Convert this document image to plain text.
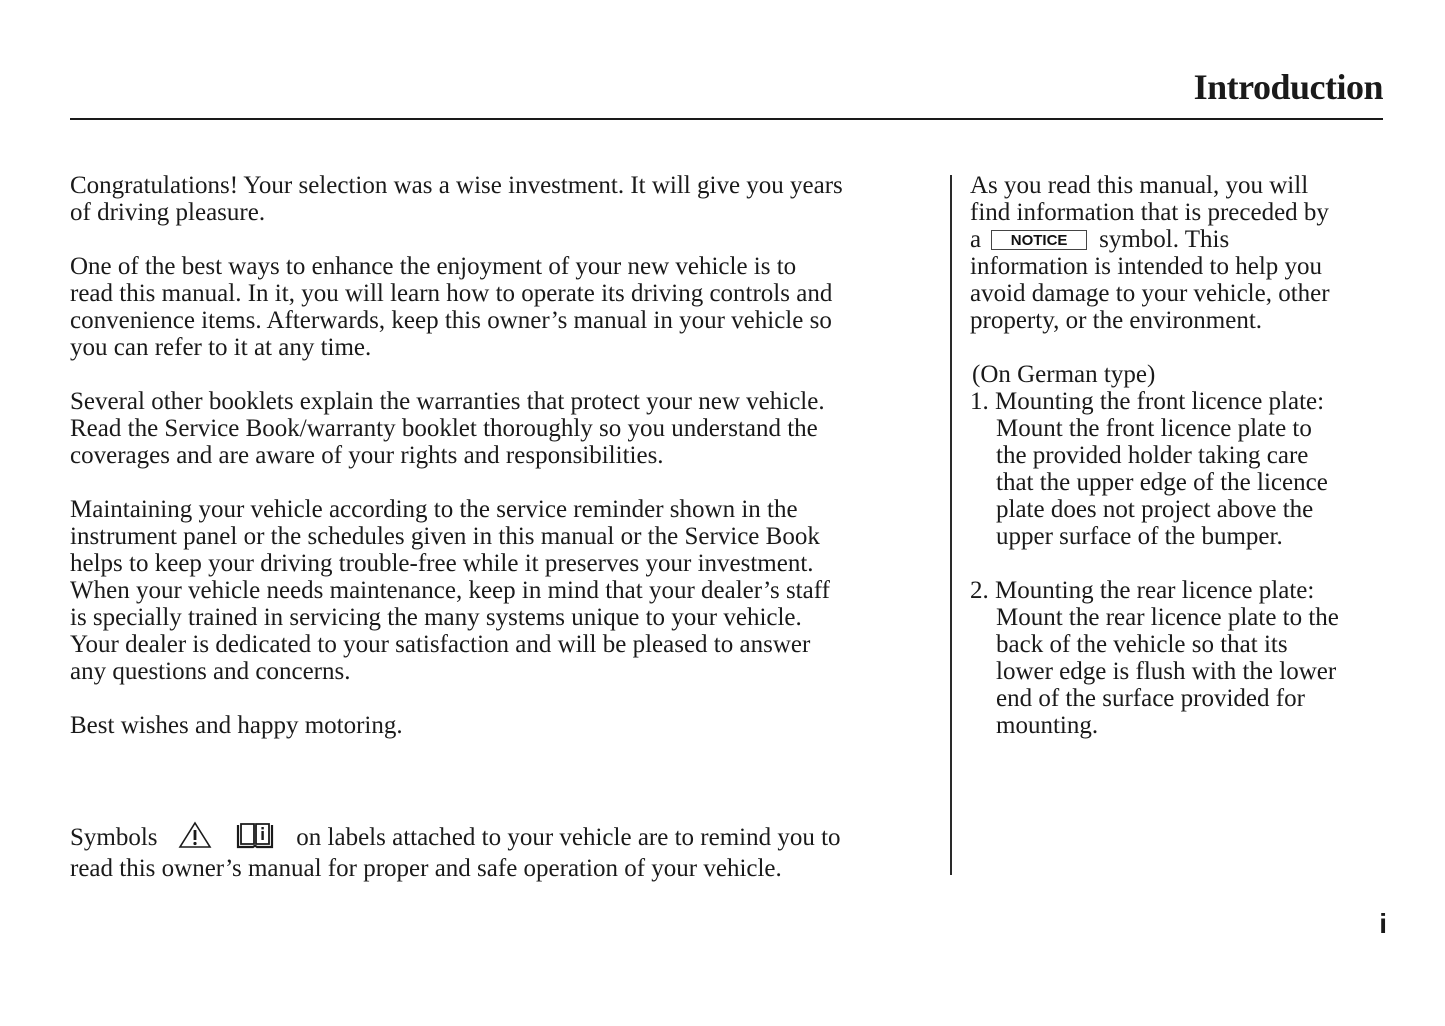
Introduction

Congratulations! Your selection was a wise investment. It will give you years
of driving pleasure.

One of the best ways to enhance the enjoyment of your new vehicle is to
read this manual. In it, you will learn how to operate its driving controls and
convenience items. Afterwards, keep this owner’s manual in your vehicle so
you can refer to it at any time.

Several other booklets explain the warranties that protect your new vehicle.
Read the Service Book/warranty booklet thoroughly so you understand the
coverages and are aware of your rights and responsibilities.

Maintaining your vehicle according to the service reminder shown in the
instrument panel or the schedules given in this manual or the Service Book
helps to keep your driving trouble-free while it preserves your investment.
When your vehicle needs maintenance, keep in mind that your dealer’s staff
is specially trained in servicing the many systems unique to your vehicle.
Your dealer is dedicated to your satisfaction and will be pleased to answer
any questions and concerns.

Best wishes and happy motoring.

Symbols	on labels attached to your vehicle are to remind you to
read this owner’s manual for proper and safe operation of your vehicle.

As you read this manual, you will
find information that is preceded by
a NOTICE symbol. This
information is intended to help you
avoid damage to your vehicle, other
property, or the environment.

(On German type)
1. Mounting the front licence plate:
Mount the front licence plate to
the provided holder taking care
that the upper edge of the licence
plate does not project above the
upper surface of the bumper.
2. Mounting the rear licence plate:
Mount the rear licence plate to the
back of the vehicle so that its
lower edge is flush with the lower
end of the surface provided for
mounting.
i
